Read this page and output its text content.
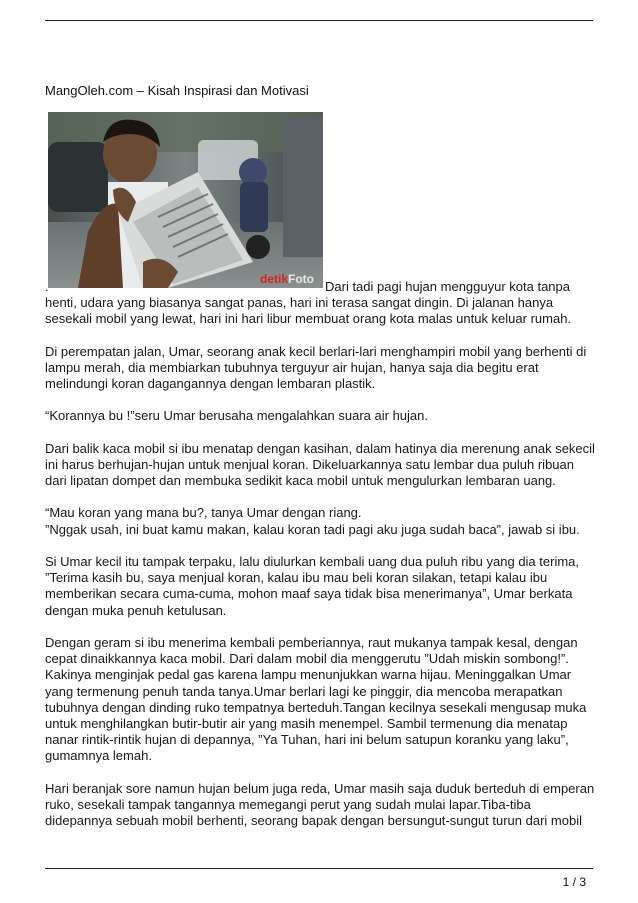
MangOleh.com – Kisah Inspirasi dan Motivasi
detikFoto
.	Dari tadi pagi hujan mengguyur kota tanpa
henti, udara yang biasanya sangat panas, hari ini terasa sangat dingin. Di jalanan hanya
sesekali mobil yang lewat, hari ini hari libur membuat orang kota malas untuk keluar rumah.
Di perempatan jalan, Umar, seorang anak kecil berlari-lari menghampiri mobil yang berhenti di
lampu merah, dia membiarkan tubuhnya terguyur air hujan, hanya saja dia begitu erat
melindungi koran dagangannya dengan lembaran plastik.
“Korannya bu !”seru Umar berusaha mengalahkan suara air hujan.
Dari balik kaca mobil si ibu menatap dengan kasihan, dalam hatinya dia merenung anak sekecil
ini harus berhujan-hujan untuk menjual koran. Dikeluarkannya satu lembar dua puluh ribuan
dari lipatan dompet dan membuka sedikit kaca mobil untuk mengulurkan lembaran uang.
“Mau koran yang mana bu?, tanya Umar dengan riang.
”Nggak usah, ini buat kamu makan, kalau koran tadi pagi aku juga sudah baca”, jawab si ibu.
Si Umar kecil itu tampak terpaku, lalu diulurkan kembali uang dua puluh ribu yang dia terima,
”Terima kasih bu, saya menjual koran, kalau ibu mau beli koran silakan, tetapi kalau ibu
memberikan secara cuma-cuma, mohon maaf saya tidak bisa menerimanya”, Umar berkata
dengan muka penuh ketulusan.
Dengan geram si ibu menerima kembali pemberiannya, raut mukanya tampak kesal, dengan
cepat dinaikkannya kaca mobil. Dari dalam mobil dia menggerutu ”Udah miskin sombong!”.
Kakinya menginjak pedal gas karena lampu menunjukkan warna hijau. Meninggalkan Umar
yang termenung penuh tanda tanya.Umar berlari lagi ke pinggir, dia mencoba merapatkan
tubuhnya dengan dinding ruko tempatnya berteduh.Tangan kecilnya sesekali mengusap muka
untuk menghilangkan butir-butir air yang masih menempel. Sambil termenung dia menatap
nanar rintik-rintik hujan di depannya, ”Ya Tuhan, hari ini belum satupun koranku yang laku”,
gumamnya lemah.
Hari beranjak sore namun hujan belum juga reda, Umar masih saja duduk berteduh di emperan
ruko, sesekali tampak tangannya memegangi perut yang sudah mulai lapar.Tiba-tiba
didepannya sebuah mobil berhenti, seorang bapak dengan bersungut-sungut turun dari mobil
1 / 3
